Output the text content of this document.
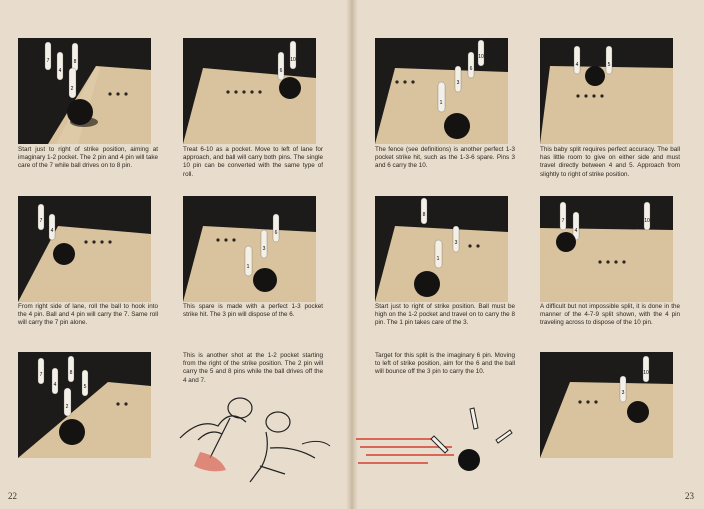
7
4
8
2
6
10
7
4	6
3
1
7	8
4	5
2
Start just to right of strike position, aiming at imaginary 1-2 pocket. The 2 pin and 4 pin will take care of the 7 while ball drives on to 8 pin.
Treat 6-10 as a pocket. Move to left of lane for approach, and ball will carry both pins. The single 10 pin can be converted with the same type of roll.
From right side of lane, roll the ball to hook into the 4 pin. Ball and 4 pin will carry the 7. Same roll will carry the 7 pin alone.
This spare is made with a perfect 1-3 pocket strike hit. The 3 pin will dispose of the 6.
This is another shot at the 1-2 pocket starting from the right of the strike position. The 2 pin will carry the 5 and 8 pins while the ball drives off the 4 and 7.
10
6
3
1
4	5
8
3
1
7
4
10
10
3
The fence (see definitions) is another perfect 1-3 pocket strike hit, such as the 1-3-6 spare. Pins 3 and 6 carry the 10.
This baby split requires perfect accuracy. The ball has little room to give on either side and must travel directly between 4 and 5. Approach from slightly to right of strike position.
Start just to right of strike position. Ball must be high on the 1-2 pocket and travel on to carry the 8 pin. The 1 pin takes care of the 3.
A difficult but not impossible split, it is done in the manner of the 4-7-9 split shown, with the 4 pin traveling across to dispose of the 10 pin.
Target for this split is the imaginary 6 pin. Moving to left of strike position, aim for the 6 and the ball will bounce off the 3 pin to carry the 10.
22	23
